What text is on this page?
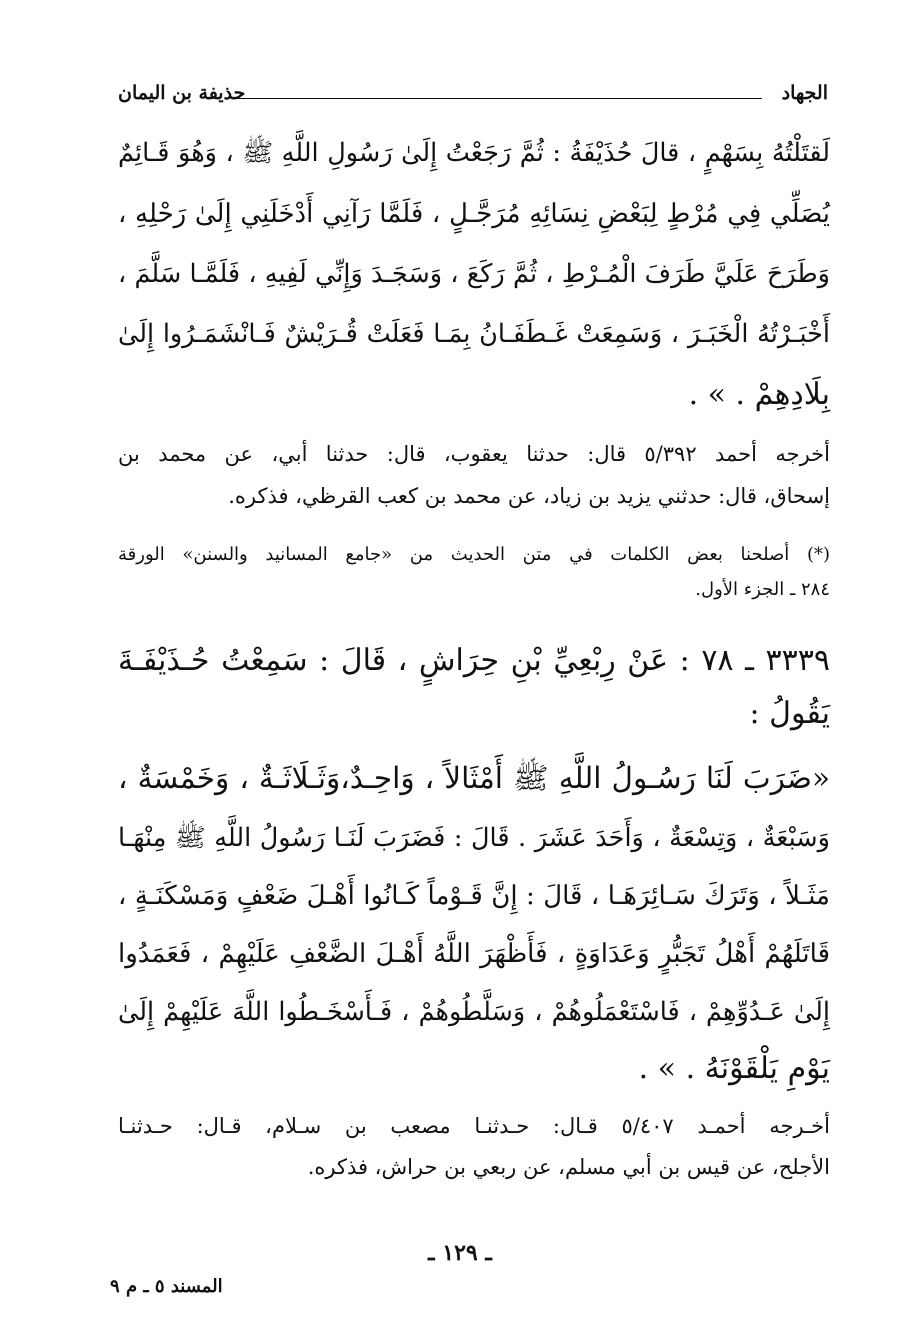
الجهاد
حذيفة بن اليمان
لَقتَلْتُهُ بِسَهْمٍ ، قالَ حُذَيْفَةُ : ثُمَّ رَجَعْتُ إِلَىٰ رَسُولِ اللَّهِ ﷺ ، وَهُوَ قَـائِمٌ
يُصَلِّي فِي مُرْطٍ لِبَعْضِ نِسَائِهِ مُرَجَّـلٍ ، فَلَمَّا رَآنِي أَدْخَلَنِي إِلَىٰ رَحْلِهِ ،
وَطَرَحَ عَلَيَّ طَرَفَ الْمُـرْطِ ، ثُمَّ رَكَعَ ، وَسَجَـدَ وَإِنِّي لَفِيهِ ، فَلَمَّـا سَلَّمَ ،
أَخْبَـرْتُهُ الْخَبَـرَ ، وَسَمِعَتْ غَـطَفَـانُ بِمَـا فَعَلَتْ قُـرَيْشٌ فَـانْشَمَـرُوا إِلَىٰ
بِلَادِهِمْ . » .
أخرجه أحمد ٥/٣٩٢ قال: حدثنا يعقوب، قال: حدثنا أبي، عن محمد بن
إسحاق، قال: حدثني يزيد بن زياد، عن محمد بن كعب القرظي، فذكره.
(*) أصلحنا بعض الكلمات في متن الحديث من «جامع المسانيد والسنن» الورقة
٢٨٤ ـ الجزء الأول.
٣٣٣٩ ـ ٧٨ : عَنْ رِبْعِيِّ بْنِ حِرَاشٍ ، قَالَ : سَمِعْتُ حُـذَيْفَـةَ
يَقُولُ :
«ضَرَبَ لَنَا رَسُـولُ اللَّهِ ﷺ أَمْثَالاً ، وَاحِـدٌ،وَثَـلَاثَـةٌ ، وَخَمْسَةٌ ،
وَسَبْعَةٌ ، وَتِسْعَةٌ ، وَأَحَدَ عَشَرَ . قَالَ : فَضَرَبَ لَنَـا رَسُولُ اللَّهِ ﷺ مِنْهَـا
مَثَـلاً ، وَتَرَكَ سَـائِرَهَـا ، قَالَ : إِنَّ قَـوْماً كَـانُوا أَهْـلَ ضَعْفٍ وَمَسْكَنَـةٍ ،
قَاتَلَهُمْ أَهْلُ تَجَبُّرٍ وَعَدَاوَةٍ ، فَأَظْهَرَ اللَّهُ أَهْـلَ الضَّعْفِ عَلَيْهِمْ ، فَعَمَدُوا
إِلَىٰ عَـدُوِّهِمْ ، فَاسْتَعْمَلُوهُمْ ، وَسَلَّطُوهُمْ ، فَـأَسْخَـطُوا اللَّهَ عَلَيْهِمْ إِلَىٰ
يَوْمِ يَلْقَوْنَهُ . » .
أخـرجه أحمـد ٥/٤٠٧ قـال: حـدثنـا مصعب بن سـلام، قـال: حـدثنـا
الأجلح، عن قيس بن أبي مسلم، عن ربعي بن حراش، فذكره.
ـ ١٢٩ ـ
المسند ٥ ـ م ٩
